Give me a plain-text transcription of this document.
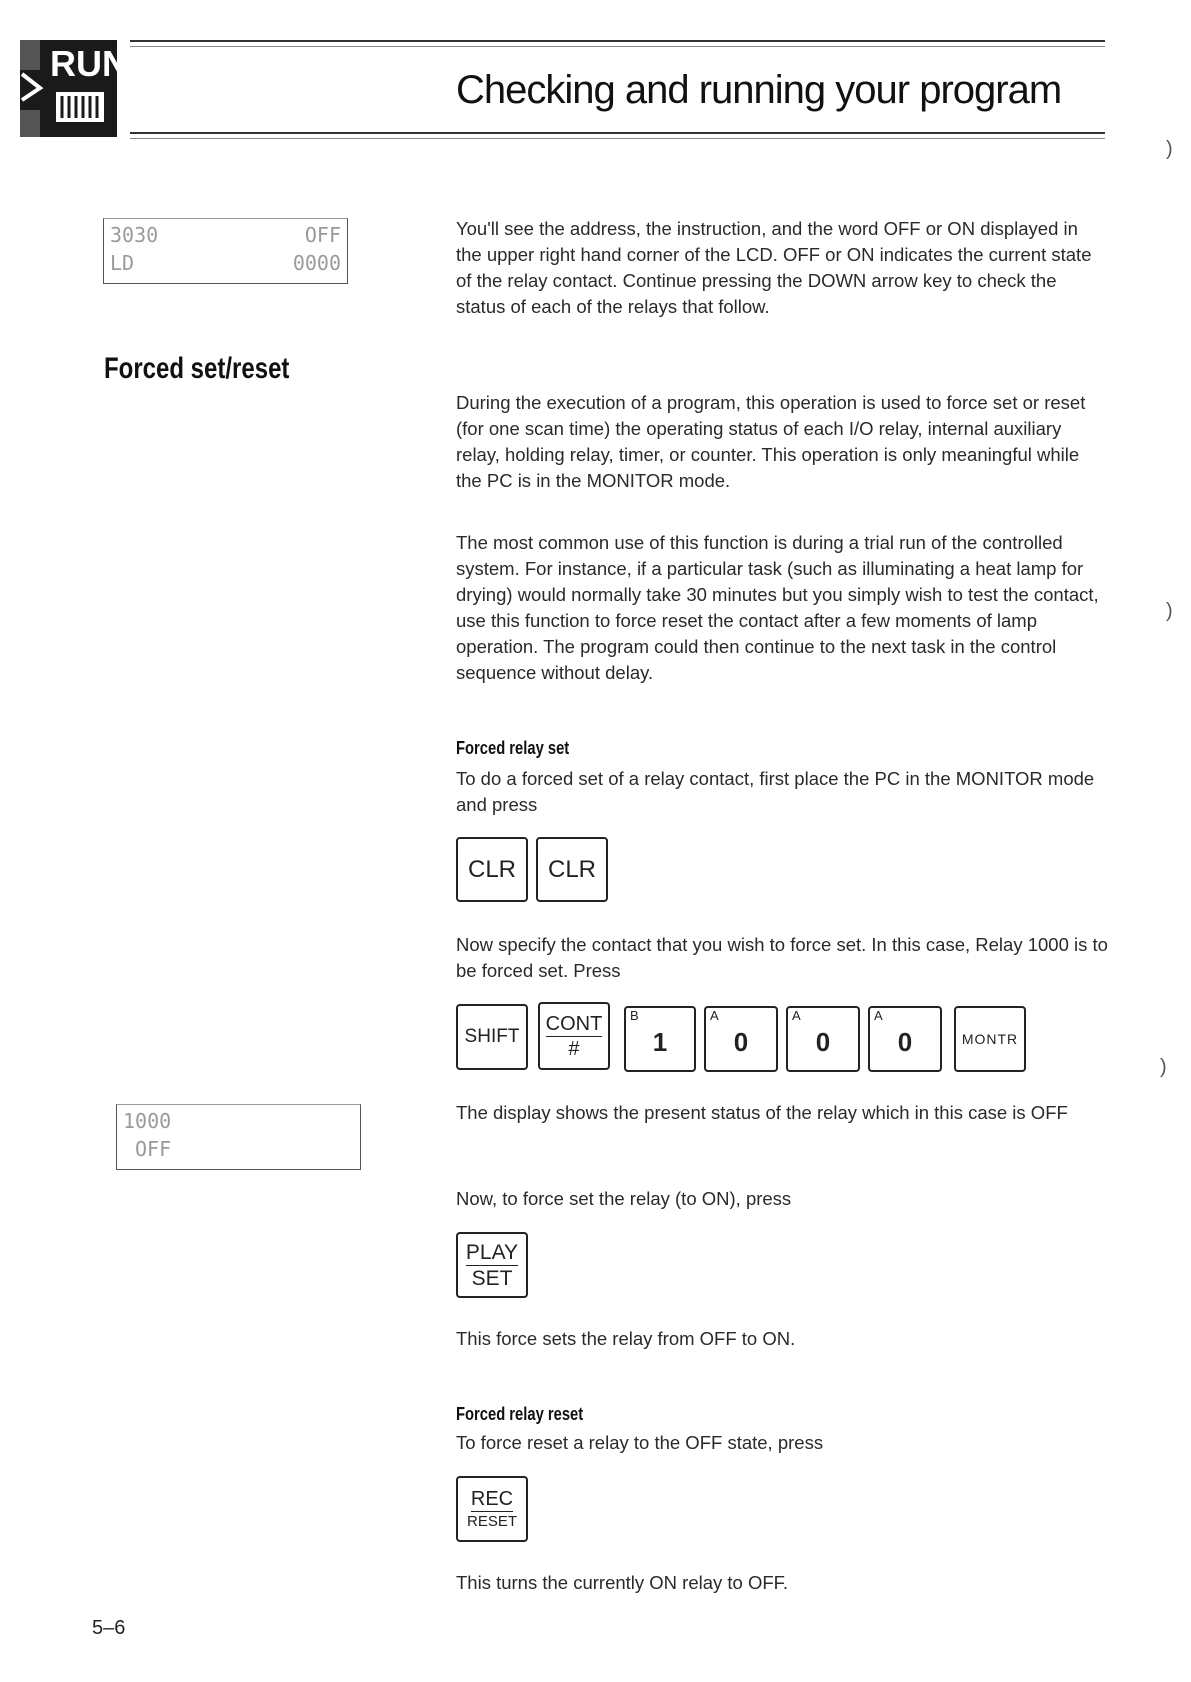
RUN
Checking and running your program
3030	OFF
LD	0000

You'll see the address, the instruction, and the word OFF or ON displayed in the upper right hand corner of the LCD. OFF or ON indicates the current state of the relay contact. Continue pressing the DOWN arrow key to check the status of each of the relays that follow.

Forced set/reset

During the execution of a program, this operation is used to force set or reset (for one scan time) the operating status of each I/O relay, internal auxiliary relay, holding relay, timer, or counter. This operation is only meaningful while the PC is in the MONITOR mode.

The most common use of this function is during a trial run of the controlled system. For instance, if a particular task (such as illuminating a heat lamp for drying) would normally take 30 minutes but you simply wish to test the contact, use this function to force reset the contact after a few moments of lamp operation. The program could then continue to the next task in the control sequence without delay.

Forced relay set

To do a forced set of a relay contact, first place the PC in the MONITOR mode and press

CLR CLR

Now specify the contact that you wish to force set. In this case, Relay 1000 is to be forced set. Press

SHIFT
CONT
#
B
1
A
0
A
0
A
0	MONTR
1000
OFF

The display shows the present status of the relay which in this case is OFF

Now, to force set the relay (to ON), press

PLAY
SET

This force sets the relay from OFF to ON.

Forced relay reset

To force reset a relay to the OFF state, press

REC
RESET

This turns the currently ON relay to OFF.

5–6
)
)
)
